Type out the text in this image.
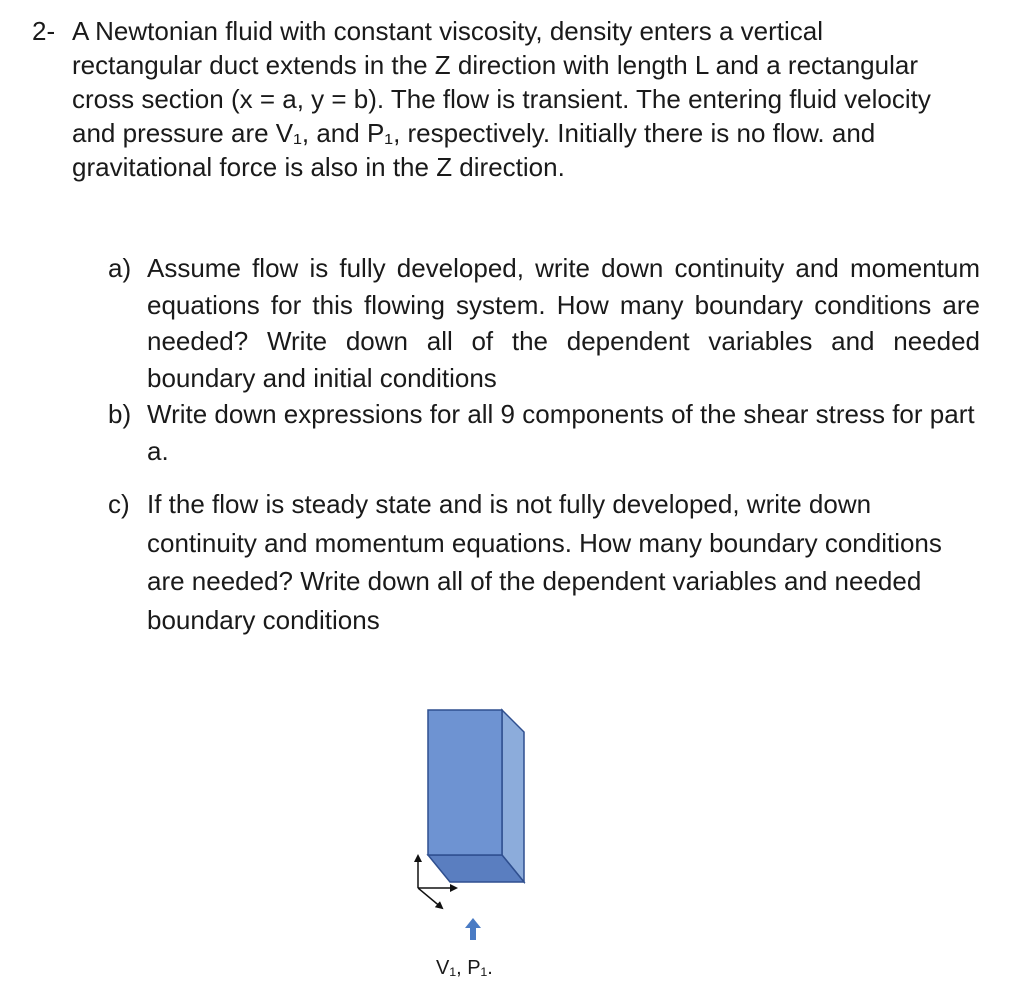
2- A Newtonian fluid with constant viscosity, density enters a vertical rectangular duct extends in the Z direction with length L and a rectangular cross section (x = a, y = b). The flow is transient. The entering fluid velocity and pressure are V₁, and P₁, respectively. Initially there is no flow. and gravitational force is also in the Z direction.
a) Assume flow is fully developed, write down continuity and momentum equations for this flowing system. How many boundary conditions are needed? Write down all of the dependent variables and needed boundary and initial conditions
b) Write down expressions for all 9 components of the shear stress for part a.
c) If the flow is steady state and is not fully developed, write down continuity and momentum equations. How many boundary conditions are needed? Write down all of the dependent variables and needed boundary conditions
V₁, P₁.
